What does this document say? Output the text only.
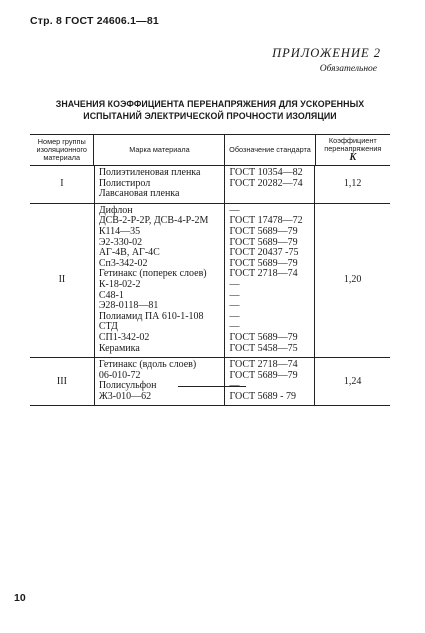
Стр. 8 ГОСТ 24606.1—81
ПРИЛОЖЕНИЕ 2
Обязательное
ЗНАЧЕНИЯ КОЭФФИЦИЕНТА ПЕРЕНАПРЯЖЕНИЯ ДЛЯ УСКОРЕННЫХ
ИСПЫТАНИЙ ЭЛЕКТРИЧЕСКОЙ ПРОЧНОСТИ ИЗОЛЯЦИИ
Номер группы изоляционного материала
Марка материала	Обозначение стандарта
Коэффициент перенапряжения
K
I
Полиэтиленовая пленка
Полистирол
Лавсановая пленка
ГОСТ 10354—82
ГОСТ 20282—74	1,12
II
Дифлон
ДСВ-2-Р-2Р, ДСВ-4-Р-2М
К114—35
Э2-330-02
АГ-4В, АГ-4С
Сп3-342-02
Гетинакс (поперек слоев)
К-18-02-2
С48-1
Э28-0118—81
Полиамид ПА 610-1-108
СТД
СП1-342-02
Керамика
—
ГОСТ 17478—72
ГОСТ 5689—79
ГОСТ 5689—79
ГОСТ 20437 -75
ГОСТ 5689—79
ГОСТ 2718—74
—
—
—
—
—
ГОСТ 5689—79
ГОСТ 5458—75
1,20
III
Гетинакс (вдоль слоев)
06-010-72
Полисульфон
Ж3-010—62
ГОСТ 2718—74
ГОСТ 5689—79
—
ГОСТ 5689 - 79
1,24
10
